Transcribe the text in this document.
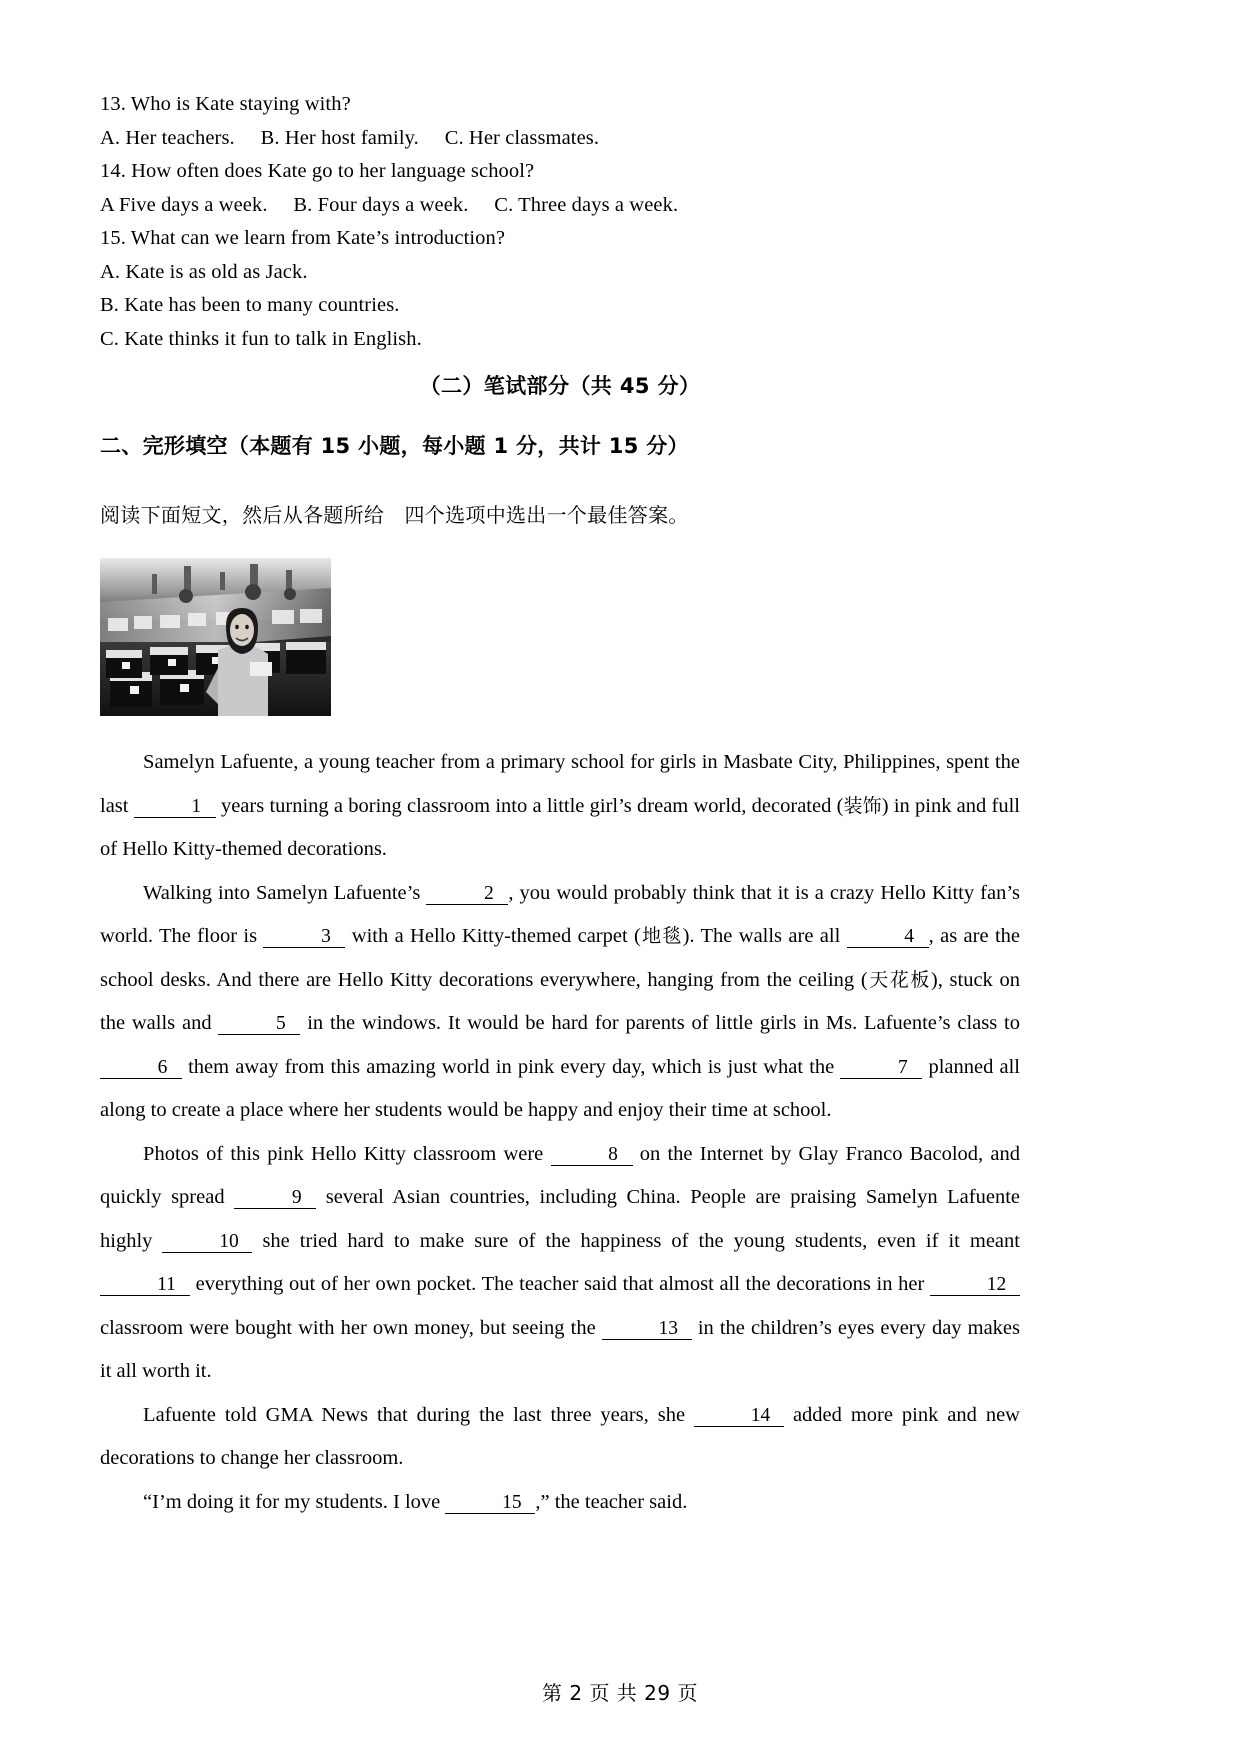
13. Who is Kate staying with?
A. Her teachers.  B. Her host family.  C. Her classmates.
14. How often does Kate go to her language school?
A Five days a week.  B. Four days a week.  C. Three days a week.
15. What can we learn from Kate’s introduction?
A. Kate is as old as Jack.
B. Kate has been to many countries.
C. Kate thinks it fun to talk in English.
（二）笔试部分（共 45 分）
二、完形填空（本题有 15 小题，每小题 1 分，共计 15 分）
阅读下面短文，然后从各题所给　四个选项中选出一个最佳答案。

Samelyn Lafuente, a young teacher from a primary school for girls in Masbate City, Philippines, spent the last	1 years turning a boring classroom into a little girl’s dream world, decorated (装饰) in pink and full of Hello Kitty-themed decorations.

Walking into Samelyn Lafuente’s	2 , you would probably think that it is a crazy Hello Kitty fan’s world. The floor is	3 with a Hello Kitty-themed carpet (地毯). The walls are all	4 , as are the school desks. And there are Hello Kitty decorations everywhere, hanging from the ceiling (天花板), stuck on the walls and	5 in the windows. It would be hard for parents of little girls in Ms. Lafuente’s class to 6 them away from this amazing world in pink every day, which is just what the	7 planned all along to create a place where her students would be happy and enjoy their time at school.

Photos of this pink Hello Kitty classroom were	8 on the Internet by Glay Franco Bacolod, and quickly spread	9 several Asian countries, including China. People are praising Samelyn Lafuente highly	10 she tried hard to make sure of the happiness of the young students, even if it meant 11 everything out of her own pocket. The teacher said that almost all the decorations in her	12 classroom were bought with her own money, but seeing the	13 in the children’s eyes every day makes it all worth it.

Lafuente told GMA News that during the last three years, she	14 added more pink and new decorations to change her classroom.

“I’m doing it for my students. I love	15 ,” the teacher said.

第 2 页 共 29 页
